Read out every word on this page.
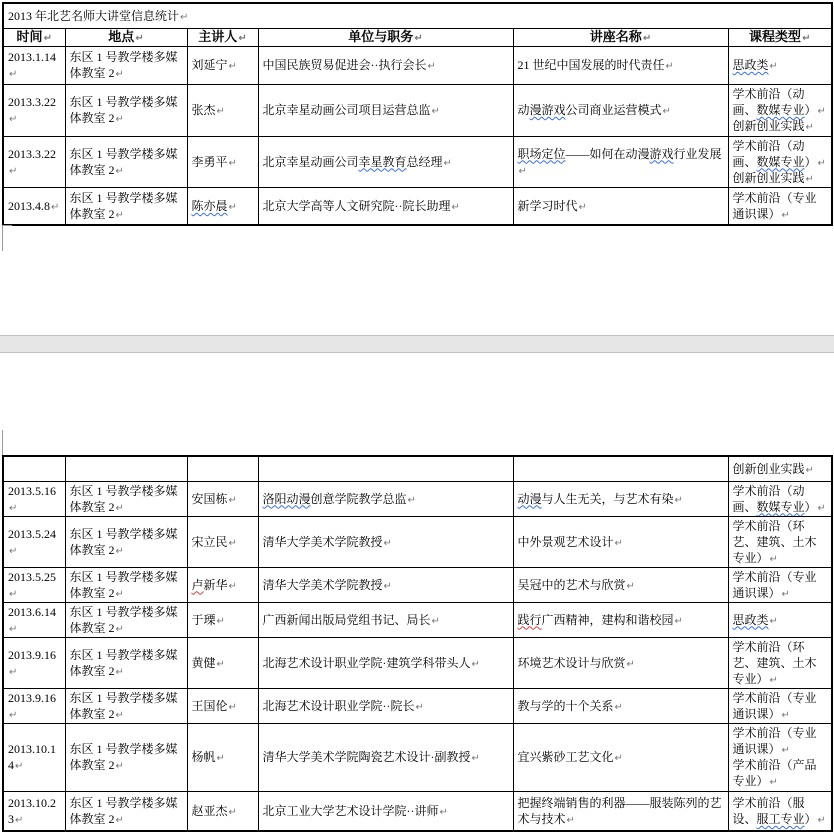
2013 年北艺名师大讲堂信息统计↵					
时间↵	地点↵	主讲人↵	单位与职务↵	讲座名称↵	课程类型↵

2013.1.14↵	东区 1 号教学楼多媒体教室 2↵	刘延宁↵	中国民族贸易促进会··执行会长↵	21 世纪中国发展的时代责任↵	思政类↵

2013.3.22↵	东区 1 号教学楼多媒体教室 2↵	张杰↵	北京幸星动画公司项目运营总监↵	动漫游戏公司商业运营模式↵	学术前沿（动画、数媒专业）↵
创新创业实践↵

2013.3.22↵	东区 1 号教学楼多媒体教室 2↵	李勇平↵	北京幸星动画公司幸星教育总经理↵	职场定位——如何在动漫游戏行业发展↵	学术前沿（动画、数媒专业）↵
创新创业实践↵

2013.4.8↵	东区 1 号教学楼多媒体教室 2↵	陈亦晨↵	北京大学高等人文研究院··院长助理↵	新学习时代↵	学术前沿（专业通识课）↵

					创新创业实践↵

2013.5.16↵	东区 1 号教学楼多媒体教室 2↵	安国栋↵	洛阳动漫创意学院教学总监↵	动漫与人生无关，与艺术有染↵	学术前沿（动画、数媒专业）↵

2013.5.24↵	东区 1 号教学楼多媒体教室 2↵	宋立民↵	清华大学美术学院教授↵	中外景观艺术设计↵	学术前沿（环艺、建筑、土木专业）↵

2013.5.25↵	东区 1 号教学楼多媒体教室 2↵	卢新华↵	清华大学美术学院教授↵	吴冠中的艺术与欣赏↵	学术前沿（专业通识课）↵

2013.6.14↵	东区 1 号教学楼多媒体教室 2↵	于瑮↵	广西新闻出版局党组书记、局长↵	践行广西精神，建构和谐校园↵	思政类↵

2013.9.16↵	东区 1 号教学楼多媒体教室 2↵	黄健↵	北海艺术设计职业学院·建筑学科带头人↵	环境艺术设计与欣赏↵	学术前沿（环艺、建筑、土木专业）↵

2013.9.16↵	东区 1 号教学楼多媒体教室 2↵	王国伦↵	北海艺术设计职业学院··院长↵	教与学的十个关系↵	学术前沿（专业通识课）↵

2013.10.14↵	东区 1 号教学楼多媒体教室 2↵	杨帆↵	清华大学美术学院陶瓷艺术设计·副教授↵	宜兴紫砂工艺文化↵	学术前沿（专业通识课）↵
学术前沿（产品专业）↵

2013.10.23↵	东区 1 号教学楼多媒体教室 2↵	赵亚杰↵	北京工业大学艺术设计学院··讲师↵	把握终端销售的利器——服装陈列的艺术与技术↵	学术前沿（服设、服工专业）↵
